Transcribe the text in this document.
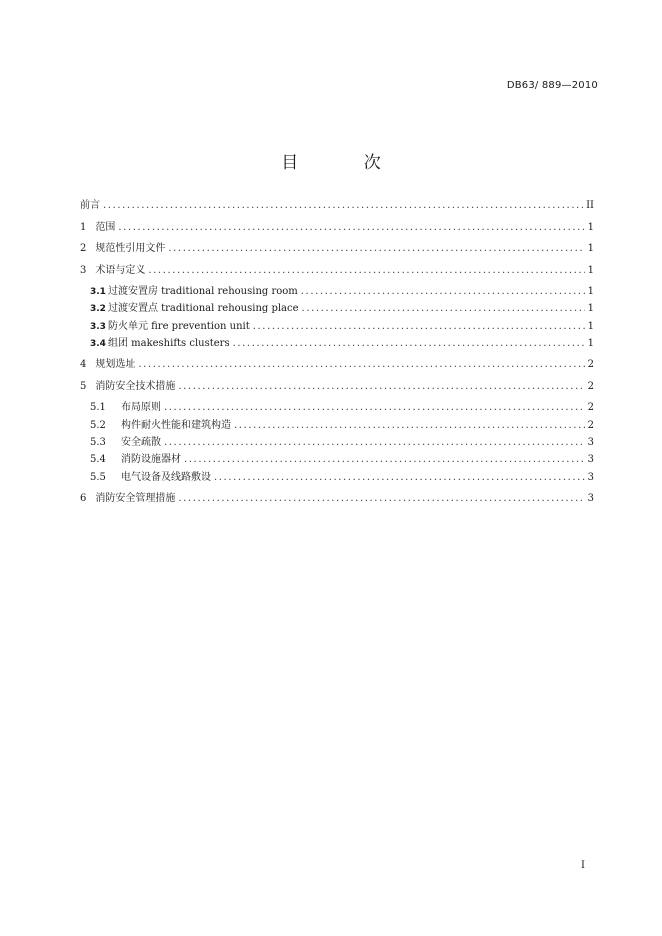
DB63/ 889—2010
目 次
前言 .....	II
1 范围 .....	1
2 规范性引用文件 .....	1
3 术语与定义 .....	1
3.1 过渡安置房 traditional rehousing room .....	1
3.2 过渡安置点 traditional rehousing place .....	1
3.3 防火单元 fire prevention unit .....	1
3.4 组团 makeshifts clusters .....	1
4 规划选址 .....	2
5 消防安全技术措施 .....	2
5.1	布局原则 .....	2
5.2	构件耐火性能和建筑构造 .....	2
5.3	安全疏散 .....	3
5.4	消防设施器材 .....	3
5.5	电气设备及线路敷设 .....	3
6 消防安全管理措施 .....	3
I
